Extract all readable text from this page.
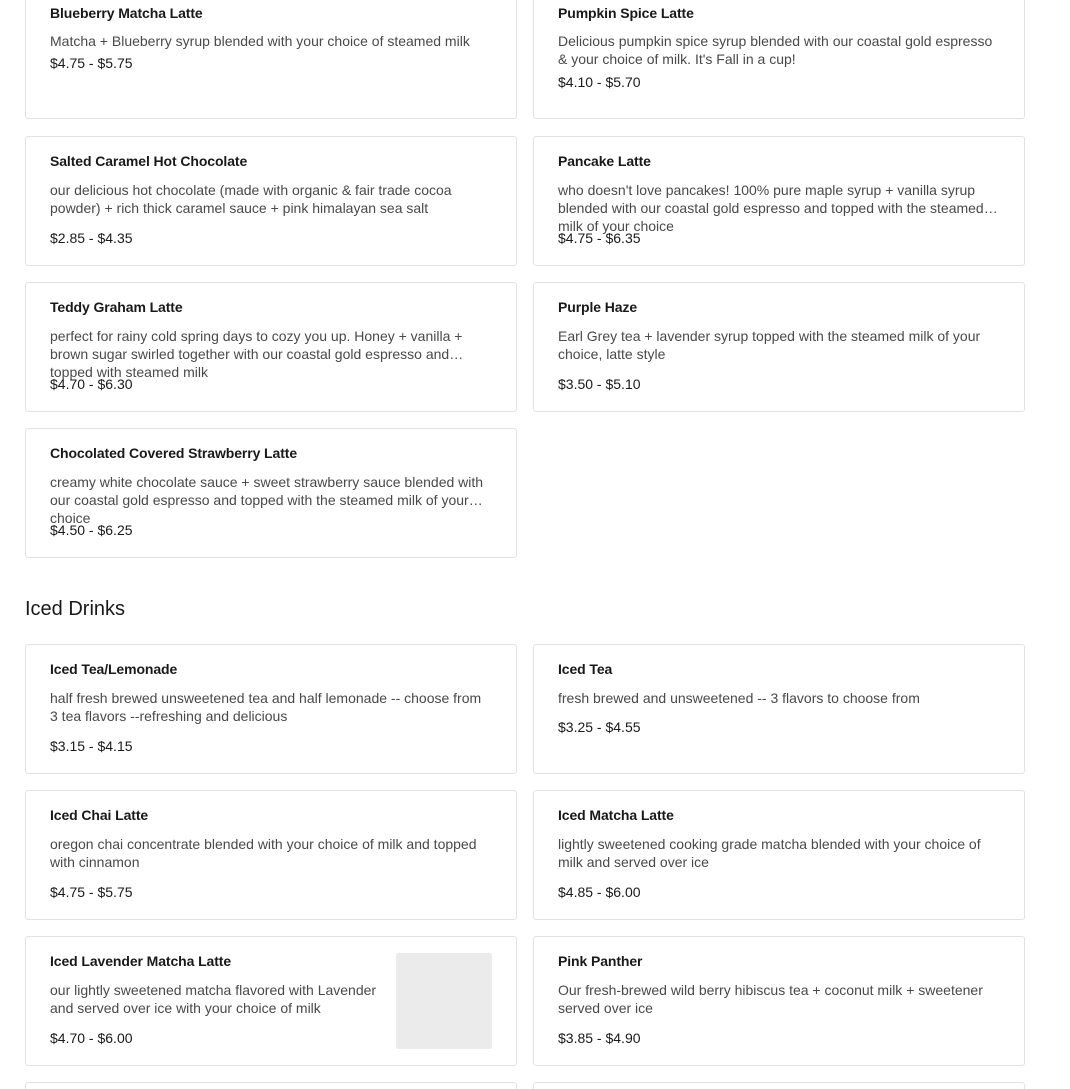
Blueberry Matcha Latte
Matcha + Blueberry syrup blended with your choice of steamed milk
$4.75 - $5.75
Pumpkin Spice Latte
Delicious pumpkin spice syrup blended with our coastal gold espresso & your choice of milk. It's Fall in a cup!
$4.10 - $5.70
Salted Caramel Hot Chocolate
our delicious hot chocolate (made with organic & fair trade cocoa powder) + rich thick caramel sauce + pink himalayan sea salt
$2.85 - $4.35
Pancake Latte
who doesn't love pancakes! 100% pure maple syrup + vanilla syrup blended with our coastal gold espresso and topped with the steamed milk of your choice
$4.75 - $6.35
Teddy Graham Latte
perfect for rainy cold spring days to cozy you up. Honey + vanilla + brown sugar swirled together with our coastal gold espresso and topped with steamed milk
$4.70 - $6.30
Purple Haze
Earl Grey tea + lavender syrup topped with the steamed milk of your choice, latte style
$3.50 - $5.10
Chocolated Covered Strawberry Latte
creamy white chocolate sauce + sweet strawberry sauce blended with our coastal gold espresso and topped with the steamed milk of your choice
$4.50 - $6.25
Iced Drinks
Iced Tea/Lemonade
half fresh brewed unsweetened tea and half lemonade -- choose from 3 tea flavors --refreshing and delicious
$3.15 - $4.15
Iced Tea
fresh brewed and unsweetened -- 3 flavors to choose from
$3.25 - $4.55
Iced Chai Latte
oregon chai concentrate blended with your choice of milk and topped with cinnamon
$4.75 - $5.75
Iced Matcha Latte
lightly sweetened cooking grade matcha blended with your choice of milk and served over ice
$4.85 - $6.00
Iced Lavender Matcha Latte
our lightly sweetened matcha flavored with Lavender and served over ice with your choice of milk
$4.70 - $6.00
Pink Panther
Our fresh-brewed wild berry hibiscus tea + coconut milk + sweetener served over ice
$3.85 - $4.90
